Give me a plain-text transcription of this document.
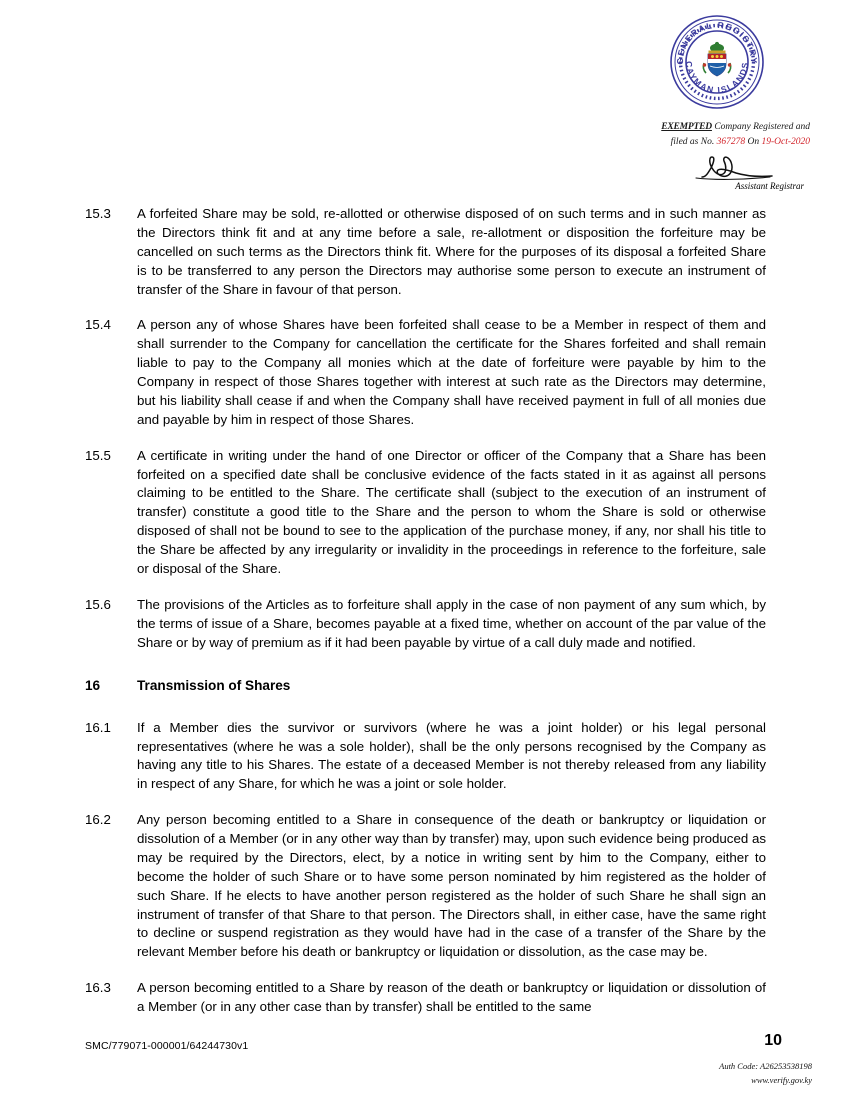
GENERAL REGISTRY
CAYMAN ISLANDS
EXEMPTED Company Registered and
filed as No. 367278 On 19-Oct-2020
Assistant Registrar
15.3	A forfeited Share may be sold, re-allotted or otherwise disposed of on such terms and in such manner as the Directors think fit and at any time before a sale, re-allotment or disposition the forfeiture may be cancelled on such terms as the Directors think fit. Where for the purposes of its disposal a forfeited Share is to be transferred to any person the Directors may authorise some person to execute an instrument of transfer of the Share in favour of that person.
15.4	A person any of whose Shares have been forfeited shall cease to be a Member in respect of them and shall surrender to the Company for cancellation the certificate for the Shares forfeited and shall remain liable to pay to the Company all monies which at the date of forfeiture were payable by him to the Company in respect of those Shares together with interest at such rate as the Directors may determine, but his liability shall cease if and when the Company shall have received payment in full of all monies due and payable by him in respect of those Shares.
15.5	A certificate in writing under the hand of one Director or officer of the Company that a Share has been forfeited on a specified date shall be conclusive evidence of the facts stated in it as against all persons claiming to be entitled to the Share. The certificate shall (subject to the execution of an instrument of transfer) constitute a good title to the Share and the person to whom the Share is sold or otherwise disposed of shall not be bound to see to the application of the purchase money, if any, nor shall his title to the Share be affected by any irregularity or invalidity in the proceedings in reference to the forfeiture, sale or disposal of the Share.
15.6	The provisions of the Articles as to forfeiture shall apply in the case of non payment of any sum which, by the terms of issue of a Share, becomes payable at a fixed time, whether on account of the par value of the Share or by way of premium as if it had been payable by virtue of a call duly made and notified.
16	Transmission of Shares
16.1	If a Member dies the survivor or survivors (where he was a joint holder) or his legal personal representatives (where he was a sole holder), shall be the only persons recognised by the Company as having any title to his Shares. The estate of a deceased Member is not thereby released from any liability in respect of any Share, for which he was a joint or sole holder.
16.2	Any person becoming entitled to a Share in consequence of the death or bankruptcy or liquidation or dissolution of a Member (or in any other way than by transfer) may, upon such evidence being produced as may be required by the Directors, elect, by a notice in writing sent by him to the Company, either to become the holder of such Share or to have some person nominated by him registered as the holder of such Share. If he elects to have another person registered as the holder of such Share he shall sign an instrument of transfer of that Share to that person. The Directors shall, in either case, have the same right to decline or suspend registration as they would have had in the case of a transfer of the Share by the relevant Member before his death or bankruptcy or liquidation or dissolution, as the case may be.
16.3	A person becoming entitled to a Share by reason of the death or bankruptcy or liquidation or dissolution of a Member (or in any other case than by transfer) shall be entitled to the same
SMC/779071-000001/64244730v1	10
Auth Code: A26253538198
www.verify.gov.ky
